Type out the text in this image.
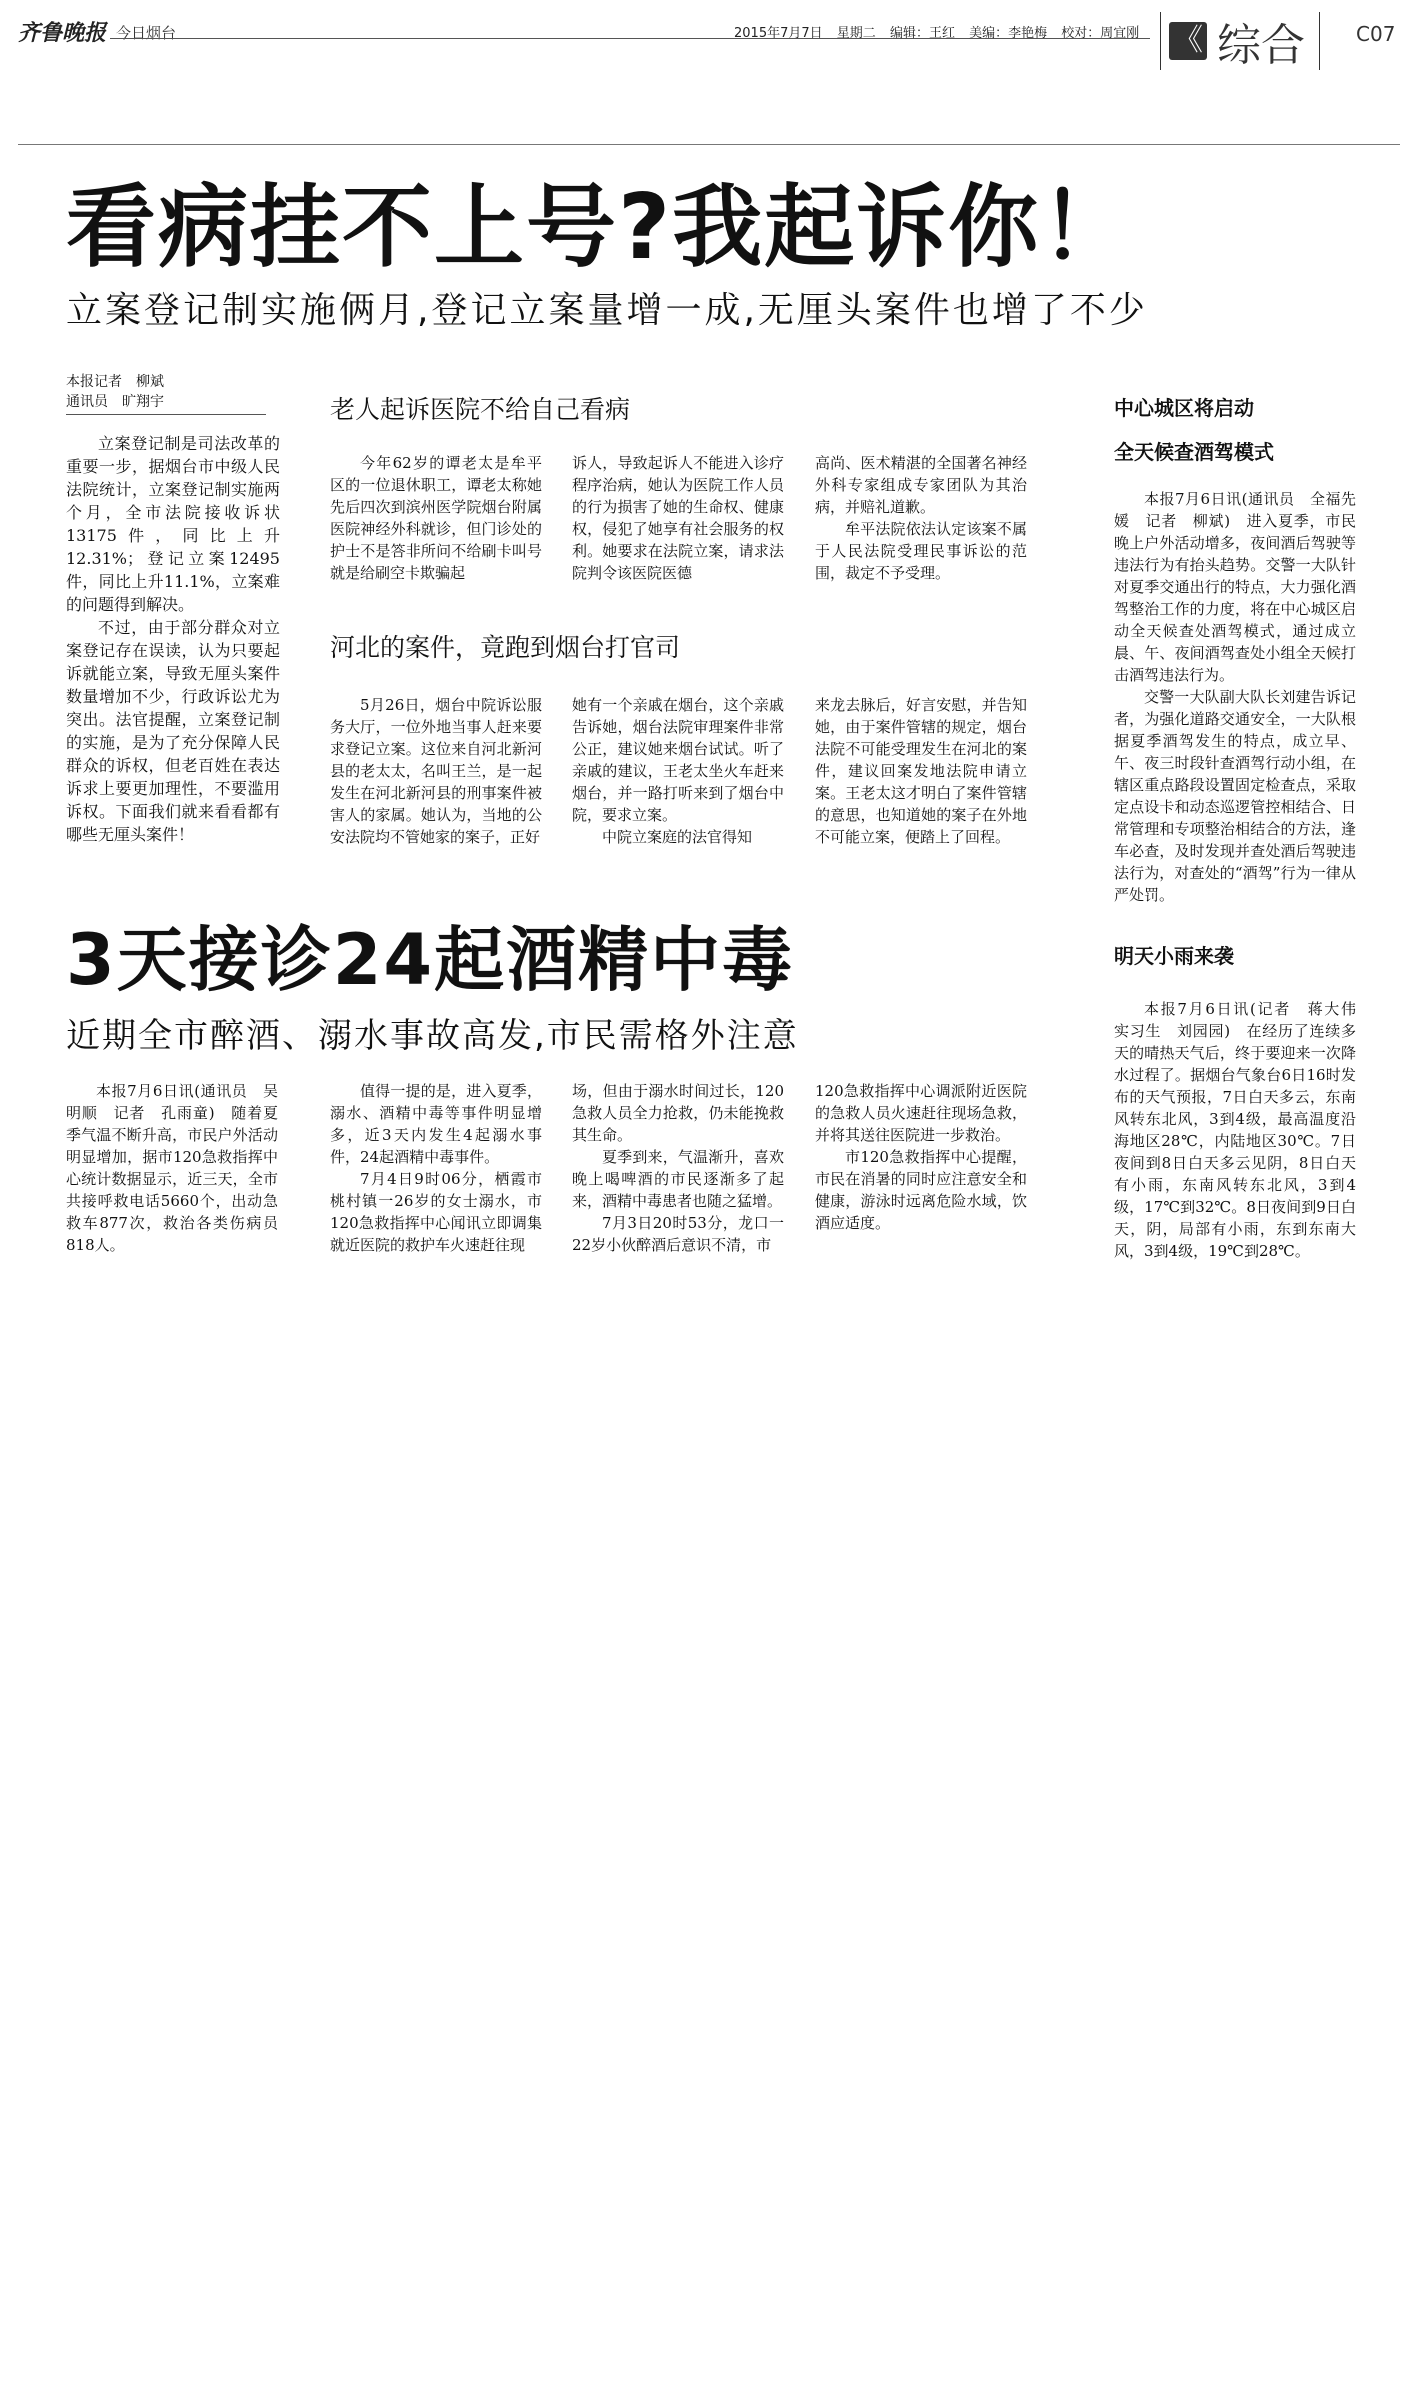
齐鲁晚报 今日烟台	2015年7月7日 星期二 编辑：王红 美编：李艳梅 校对：周宜刚	《 综合	C07
看病挂不上号?我起诉你！
立案登记制实施俩月,登记立案量增一成,无厘头案件也增了不少
本报记者　柳斌
通讯员　旷翔宇

立案登记制是司法改革的重要一步，据烟台市中级人民法院统计，立案登记制实施两个月，全市法院接收诉状13175件，同比上升12.31%；登记立案12495件，同比上升11.1%，立案难的问题得到解决。

不过，由于部分群众对立案登记存在误读，认为只要起诉就能立案，导致无厘头案件数量增加不少，行政诉讼尤为突出。法官提醒，立案登记制的实施，是为了充分保障人民群众的诉权，但老百姓在表达诉求上要更加理性，不要滥用诉权。下面我们就来看看都有哪些无厘头案件！

老人起诉医院不给自己看病

今年62岁的谭老太是牟平区的一位退休职工，谭老太称她先后四次到滨州医学院烟台附属医院神经外科就诊，但门诊处的护士不是答非所问不给刷卡叫号就是给刷空卡欺骗起

诉人，导致起诉人不能进入诊疗程序治病，她认为医院工作人员的行为损害了她的生命权、健康权，侵犯了她享有社会服务的权利。她要求在法院立案，请求法院判令该医院医德

高尚、医术精湛的全国著名神经外科专家组成专家团队为其治病，并赔礼道歉。

牟平法院依法认定该案不属于人民法院受理民事诉讼的范围，裁定不予受理。

河北的案件，竟跑到烟台打官司

5月26日，烟台中院诉讼服务大厅，一位外地当事人赶来要求登记立案。这位来自河北新河县的老太太，名叫王兰，是一起发生在河北新河县的刑事案件被害人的家属。她认为，当地的公安法院均不管她家的案子，正好

她有一个亲戚在烟台，这个亲戚告诉她，烟台法院审理案件非常公正，建议她来烟台试试。听了亲戚的建议，王老太坐火车赶来烟台，并一路打听来到了烟台中院，要求立案。

中院立案庭的法官得知

来龙去脉后，好言安慰，并告知她，由于案件管辖的规定，烟台法院不可能受理发生在河北的案件，建议回案发地法院申请立案。王老太这才明白了案件管辖的意思，也知道她的案子在外地不可能立案，便踏上了回程。

中心城区将启动
全天候查酒驾模式

本报7月6日讯(通讯员　全福先媛　记者　柳斌)　进入夏季，市民晚上户外活动增多，夜间酒后驾驶等违法行为有抬头趋势。交警一大队针对夏季交通出行的特点，大力强化酒驾整治工作的力度，将在中心城区启动全天候查处酒驾模式，通过成立晨、午、夜间酒驾查处小组全天候打击酒驾违法行为。

交警一大队副大队长刘建告诉记者，为强化道路交通安全，一大队根据夏季酒驾发生的特点，成立早、午、夜三时段针查酒驾行动小组，在辖区重点路段设置固定检查点，采取定点设卡和动态巡逻管控相结合、日常管理和专项整治相结合的方法，逢车必查，及时发现并查处酒后驾驶违法行为，对查处的“酒驾”行为一律从严处罚。

明天小雨来袭

本报7月6日讯(记者　蒋大伟　实习生　刘园园)　在经历了连续多天的晴热天气后，终于要迎来一次降水过程了。据烟台气象台6日16时发布的天气预报，7日白天多云，东南风转东北风，3到4级，最高温度沿海地区28℃，内陆地区30℃。7日夜间到8日白天多云见阴，8日白天有小雨，东南风转东北风，3到4级，17℃到32℃。8日夜间到9日白天，阴，局部有小雨，东到东南大风，3到4级，19℃到28℃。

3天接诊24起酒精中毒
近期全市醉酒、溺水事故高发,市民需格外注意

本报7月6日讯(通讯员　吴明顺　记者　孔雨童)　随着夏季气温不断升高，市民户外活动明显增加，据市120急救指挥中心统计数据显示，近三天，全市共接呼救电话5660个，出动急救车877次，救治各类伤病员818人。

值得一提的是，进入夏季，溺水、酒精中毒等事件明显增多，近3天内发生4起溺水事件，24起酒精中毒事件。

7月4日9时06分，栖霞市桃村镇一26岁的女士溺水，市120急救指挥中心闻讯立即调集就近医院的救护车火速赶往现

场，但由于溺水时间过长，120急救人员全力抢救，仍未能挽救其生命。

夏季到来，气温渐升，喜欢晚上喝啤酒的市民逐渐多了起来，酒精中毒患者也随之猛增。

7月3日20时53分，龙口一22岁小伙醉酒后意识不清，市

120急救指挥中心调派附近医院的急救人员火速赶往现场急救，并将其送往医院进一步救治。

市120急救指挥中心提醒，市民在消暑的同时应注意安全和健康，游泳时远离危险水域，饮酒应适度。
